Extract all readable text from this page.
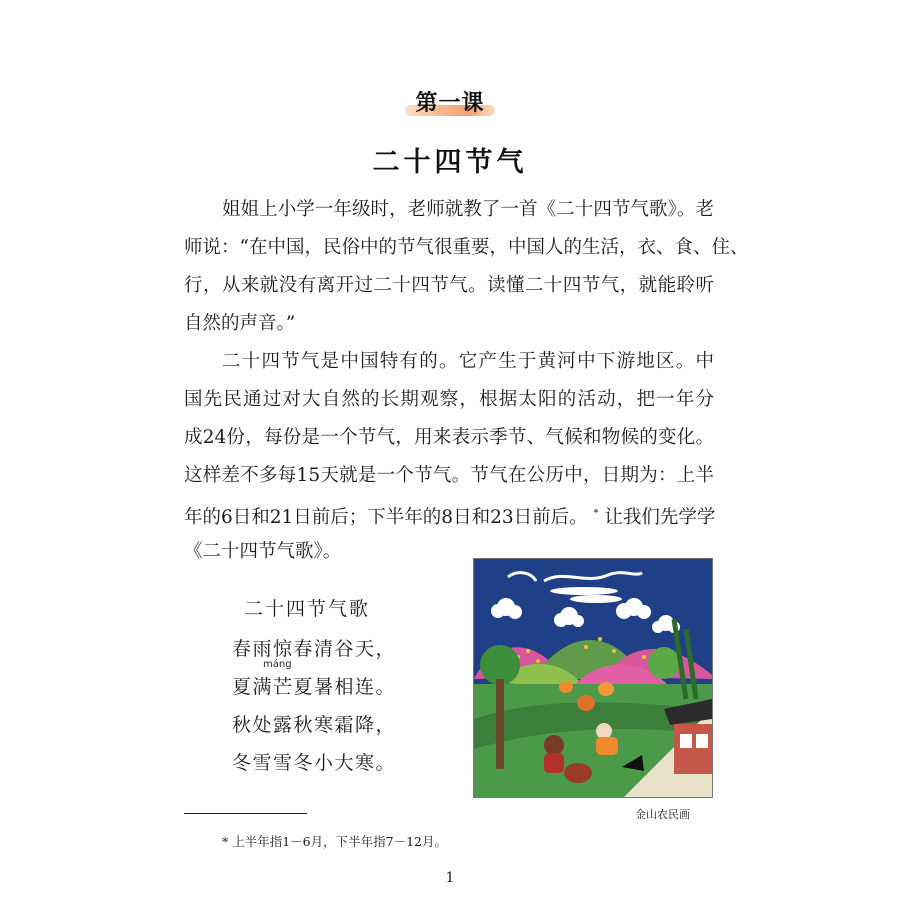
第一课
二十四节气
姐姐上小学一年级时，老师就教了一首《二十四节气歌》。老
师说：“在中国，民俗中的节气很重要，中国人的生活，衣、食、住、
行，从来就没有离开过二十四节气。读懂二十四节气，就能聆听
自然的声音。”
二十四节气是中国特有的。它产生于黄河中下游地区。中
国先民通过对大自然的长期观察，根据太阳的活动，把一年分
成24份，每份是一个节气，用来表示季节、气候和物候的变化。
这样差不多每15天就是一个节气。节气在公历中，日期为：上半
年的6日和21日前后；下半年的8日和23日前后。 * 让我们先学学
《二十四节气歌》。
二十四节气歌
máng
春雨惊春清谷天，
夏满芒夏暑相连。
秋处露秋寒霜降，
冬雪雪冬小大寒。
金山农民画
* 上半年指1－6月，下半年指7－12月。
1
